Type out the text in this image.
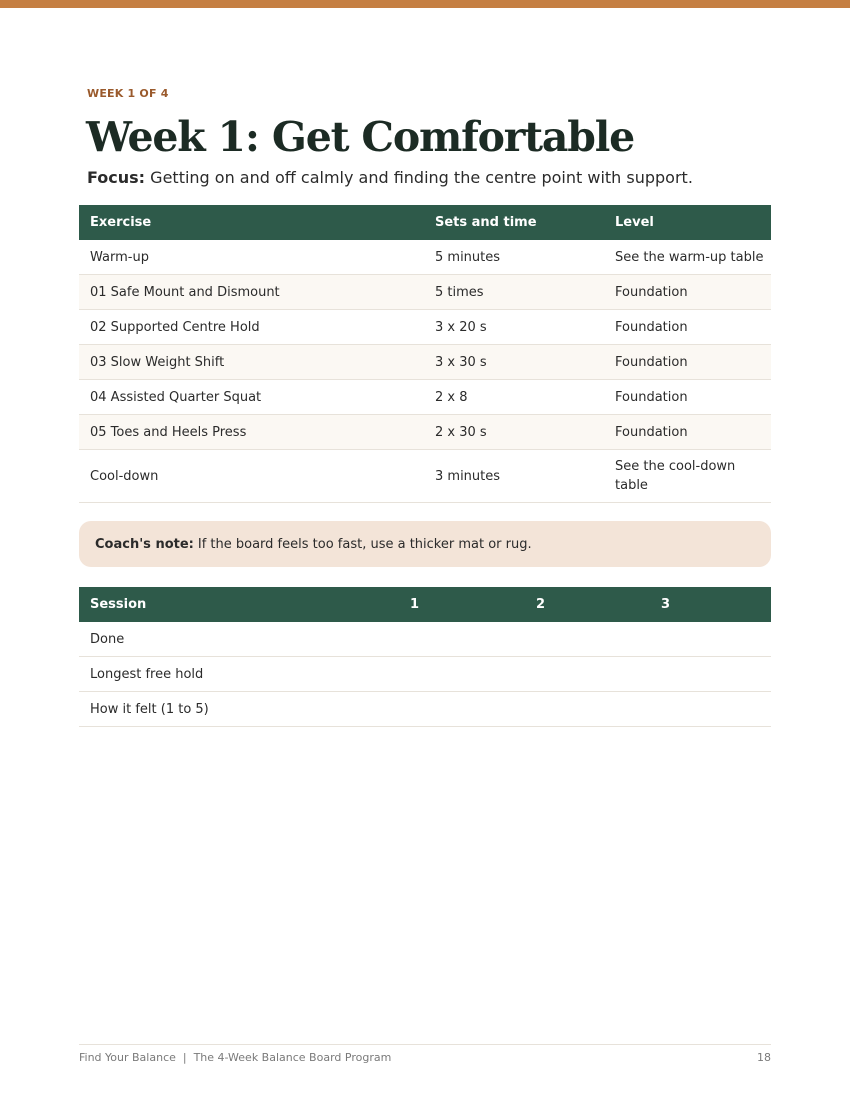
WEEK 1 OF 4
Week 1: Get Comfortable
Focus: Getting on and off calmly and finding the centre point with support.
Exercise	Sets and time	Level
Warm-up	5 minutes	See the warm-up table
01 Safe Mount and Dismount	5 times	Foundation
02 Supported Centre Hold	3 x 20 s	Foundation
03 Slow Weight Shift	3 x 30 s	Foundation
04 Assisted Quarter Squat	2 x 8	Foundation
05 Toes and Heels Press	2 x 30 s	Foundation
Cool-down	3 minutes	See the cool-down table
Coach's note: If the board feels too fast, use a thicker mat or rug.
Session	1	2	3
Done			
Longest free hold			
How it felt (1 to 5)			
Find Your Balance  |  The 4-Week Balance Board Program	18
